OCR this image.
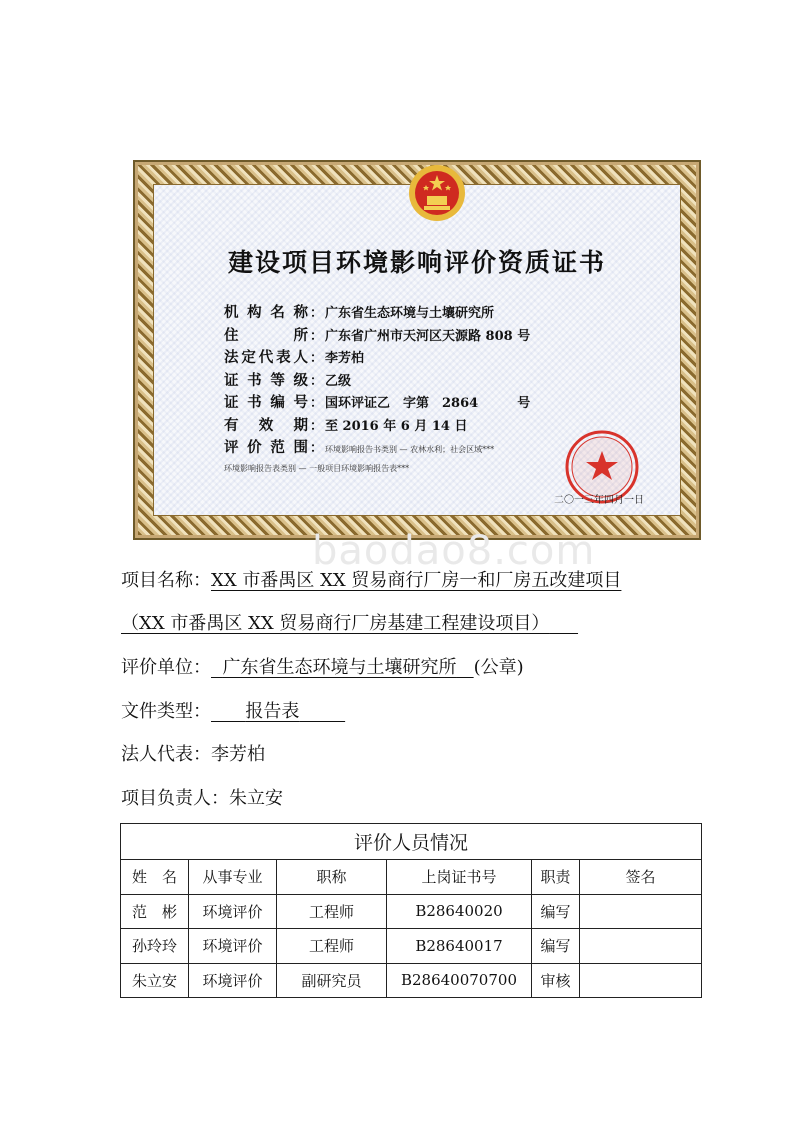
建设项目环境影响评价资质证书
机构名称 ： 广东省生态环境与土壤研究所
住所 ： 广东省广州市天河区天源路 808 号
法定代表人 ： 李芳柏
证书等级 ： 乙级
证书编号 ： 国环评证乙　字第　2864　　　号
有效期 ： 至 2016 年 6 月 14 日
评价范围 ： 环境影响报告书类别 — 农林水利；社会区域***
环境影响报告表类别 — 一般项目环境影响报告表***
二〇一三年四月一日
baodao8.com
项目名称：XX 市番禺区 XX 贸易商行厂房一和厂房五改建项目
（XX 市番禺区 XX 贸易商行厂房基建工程建设项目）
评价单位： 广东省生态环境与土壤研究所 (公章)
文件类型： 报告表
法人代表：李芳柏
项目负责人：朱立安
评价人员情况					
姓　名	从事专业	职称	上岗证书号	职责	签名
范　彬	环境评价	工程师	B28640020	编写	
孙玲玲	环境评价	工程师	B28640017	编写	
朱立安	环境评价	副研究员	B28640070700	审核	
